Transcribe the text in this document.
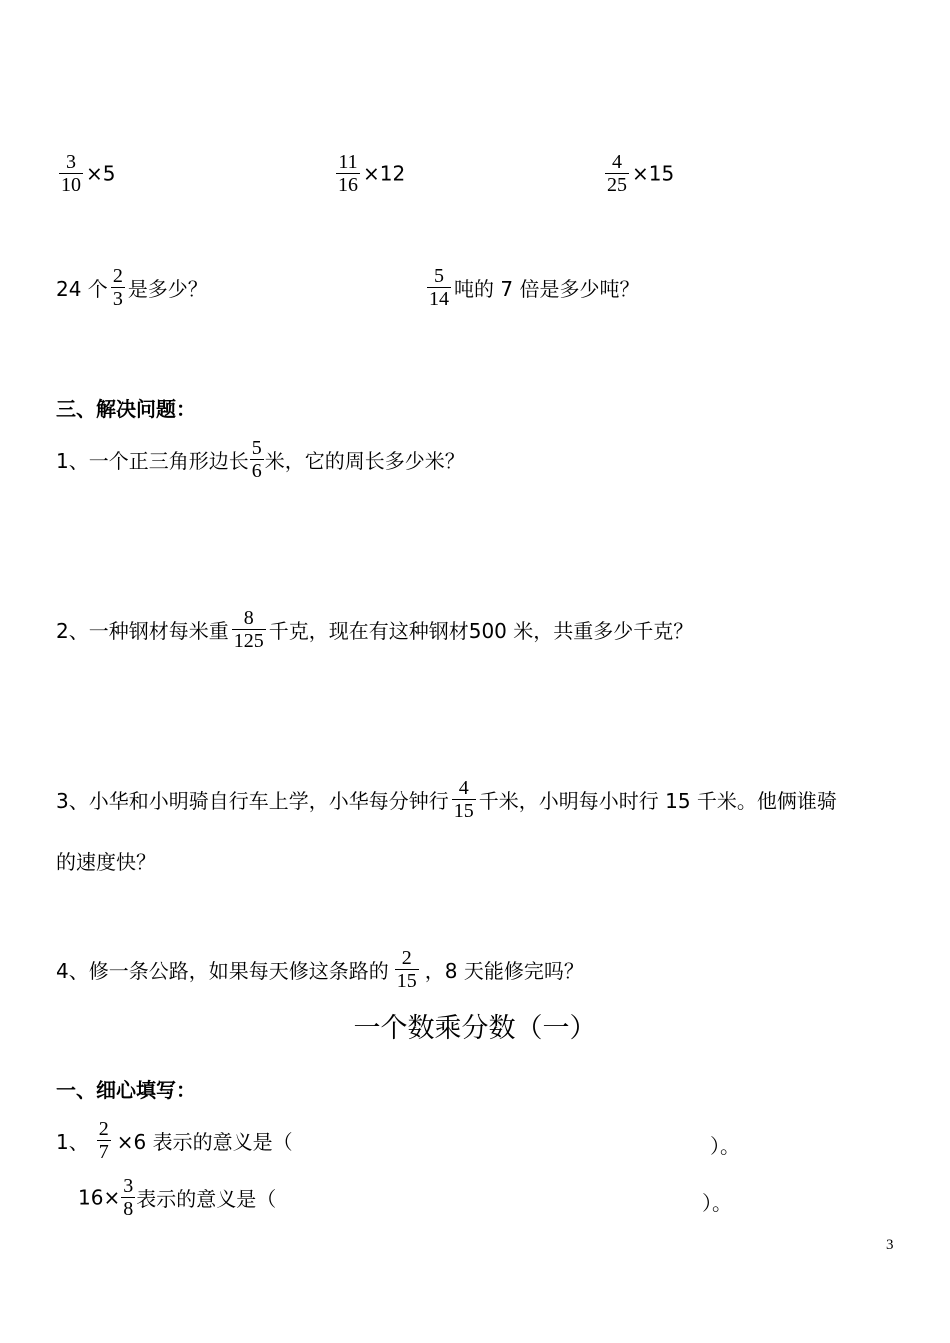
$\frac{3}{10} \times 5$	$\frac{11}{16} \times 12$	$\frac{4}{25} \times 15$
24 个 $\frac{2}{3}$ 是多少？	$\frac{5}{14}$ 吨的 7 倍是多少吨？
三、解决问题：
1、一个正三角形边长 $\frac{5}{6}$ 米，它的周长多少米？
2、一种钢材每米重 $\frac{8}{125}$ 千克，现在有这种钢材500 米，共重多少千克？
3、小华和小明骑自行车上学，小华每分钟行 $\frac{4}{15}$ 千米，小明每小时行 15 千米。他俩谁骑
的速度快？
4、修一条公路，如果每天修这条路的 $\frac{2}{15}$ ，8 天能修完吗？
一个数乘分数（一）
一、细心填写：
1、 $\frac{2}{7} \times 6$ 表示的意义是（	）。
$16\times \frac{3}{8}$ 表示的意义是（	）。
3
